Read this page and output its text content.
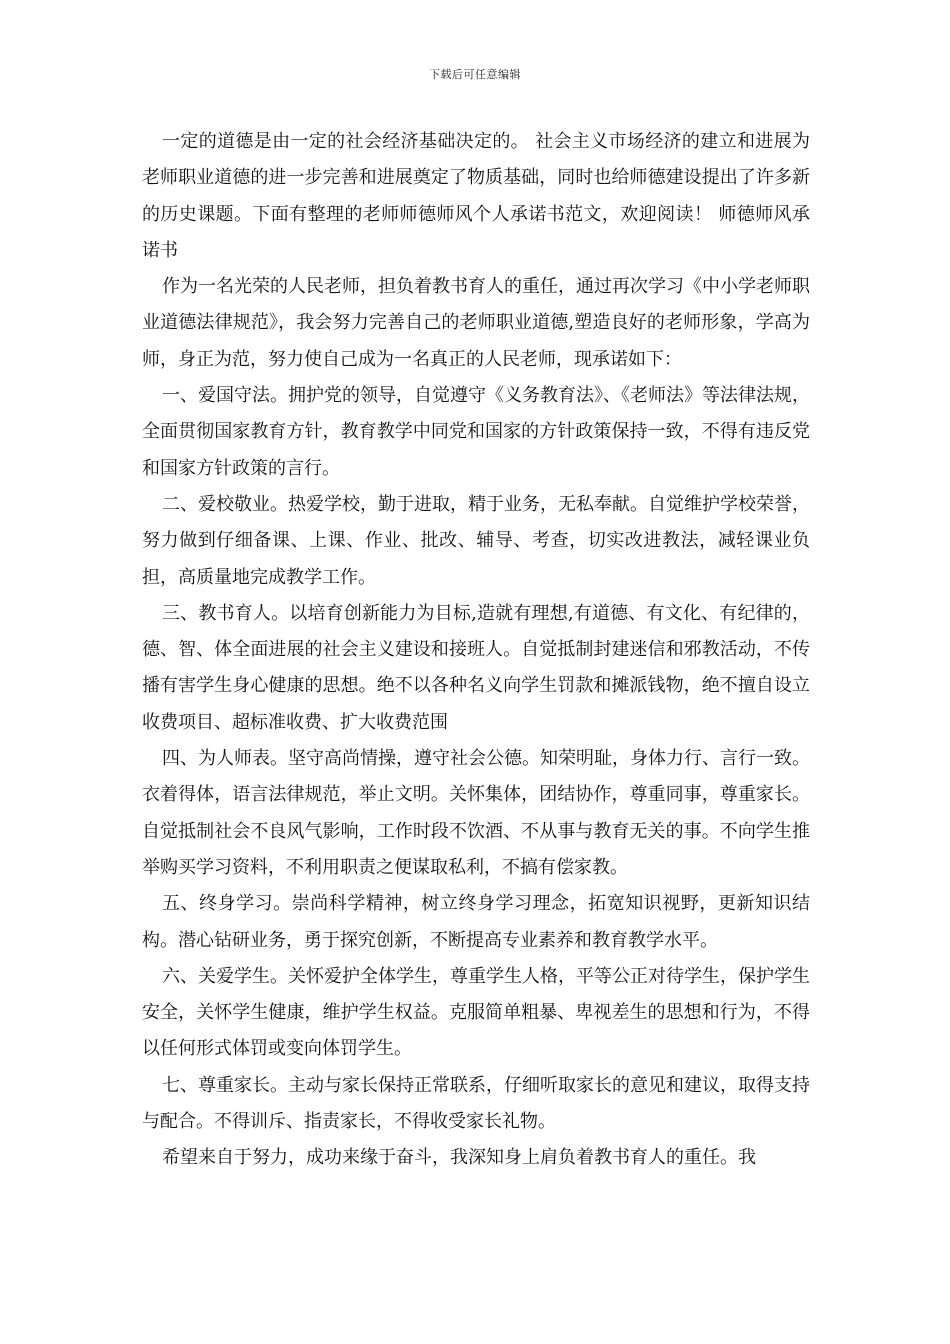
下载后可任意编辑

一定的道德是由一定的社会经济基础决定的。 社会主义市场经济的建立和进展为老师职业道德的进一步完善和进展奠定了物质基础，同时也给师德建设提出了许多新的历史课题。下面有整理的老师师德师风个人承诺书范文，欢迎阅读！ 师德师风承诺书

作为一名光荣的人民老师，担负着教书育人的重任，通过再次学习《中小学老师职业道德法律规范》，我会努力完善自己的老师职业道德,塑造良好的老师形象，学高为师，身正为范，努力使自己成为一名真正的人民老师，现承诺如下：

一、爱国守法。拥护党的领导，自觉遵守《义务教育法》、《老师法》等法律法规，全面贯彻国家教育方针，教育教学中同党和国家的方针政策保持一致，不得有违反党和国家方针政策的言行。

二、爱校敬业。热爱学校，勤于进取，精于业务，无私奉献。自觉维护学校荣誉，努力做到仔细备课、上课、作业、批改、辅导、考查，切实改进教法，减轻课业负担，高质量地完成教学工作。

三、教书育人。以培育创新能力为目标,造就有理想,有道德、有文化、有纪律的，德、智、体全面进展的社会主义建设和接班人。自觉抵制封建迷信和邪教活动，不传播有害学生身心健康的思想。绝不以各种名义向学生罚款和摊派钱物，绝不擅自设立收费项目、超标准收费、扩大收费范围

四、为人师表。坚守高尚情操，遵守社会公德。知荣明耻，身体力行、言行一致。衣着得体，语言法律规范，举止文明。关怀集体，团结协作，尊重同事，尊重家长。自觉抵制社会不良风气影响，工作时段不饮酒、不从事与教育无关的事。不向学生推举购买学习资料，不利用职责之便谋取私利，不搞有偿家教。

五、终身学习。崇尚科学精神，树立终身学习理念，拓宽知识视野，更新知识结构。潜心钻研业务，勇于探究创新，不断提高专业素养和教育教学水平。

六、关爱学生。关怀爱护全体学生，尊重学生人格，平等公正对待学生，保护学生安全，关怀学生健康，维护学生权益。克服简单粗暴、卑视差生的思想和行为，不得以任何形式体罚或变向体罚学生。

七、尊重家长。主动与家长保持正常联系，仔细听取家长的意见和建议，取得支持与配合。不得训斥、指责家长，不得收受家长礼物。

希望来自于努力，成功来缘于奋斗，我深知身上肩负着教书育人的重任。我
